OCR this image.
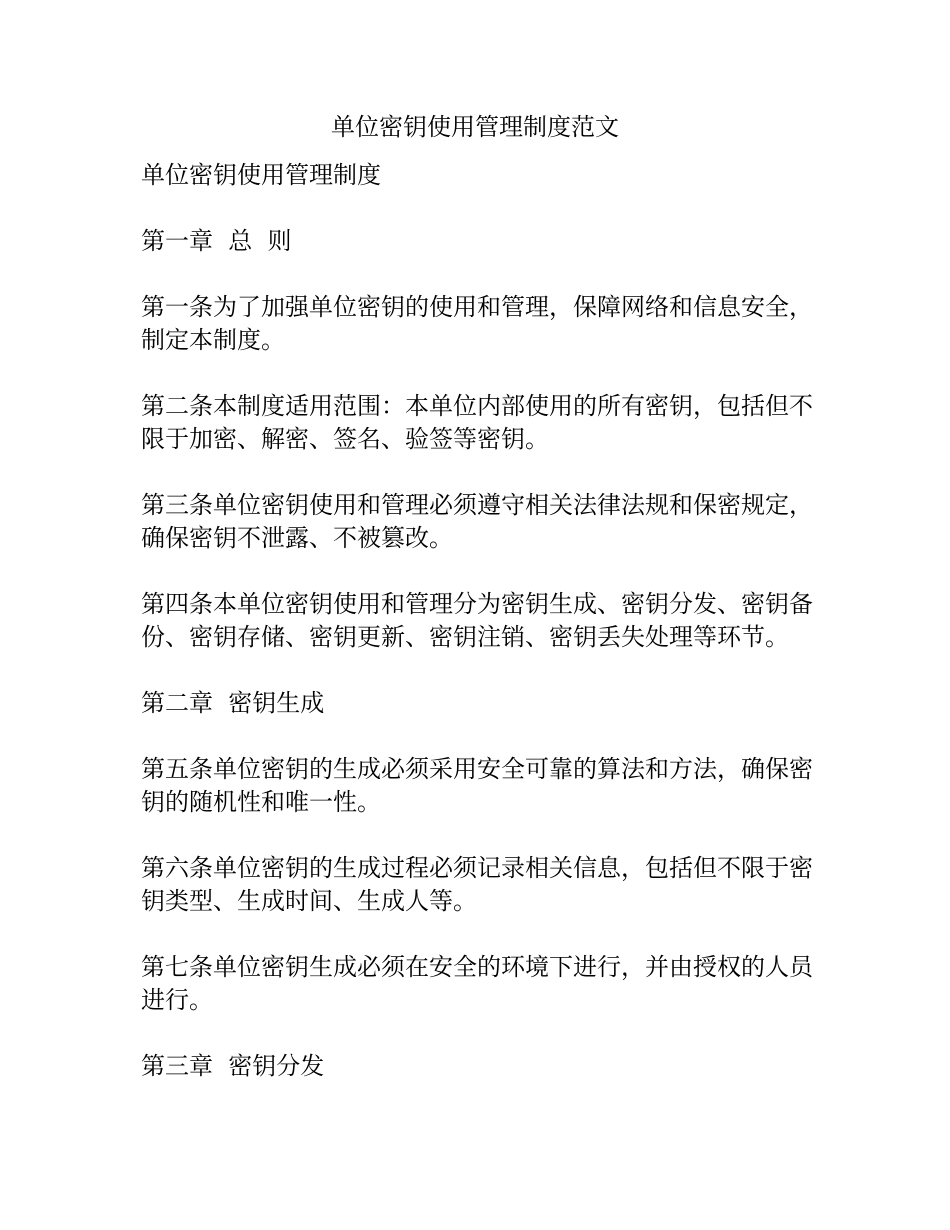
单位密钥使用管理制度范文

单位密钥使用管理制度

第一章  总  则

第一条为了加强单位密钥的使用和管理，保障网络和信息安全，制定本制度。

第二条本制度适用范围：本单位内部使用的所有密钥，包括但不限于加密、解密、签名、验签等密钥。

第三条单位密钥使用和管理必须遵守相关法律法规和保密规定，确保密钥不泄露、不被篡改。

第四条本单位密钥使用和管理分为密钥生成、密钥分发、密钥备份、密钥存储、密钥更新、密钥注销、密钥丢失处理等环节。

第二章  密钥生成

第五条单位密钥的生成必须采用安全可靠的算法和方法，确保密钥的随机性和唯一性。

第六条单位密钥的生成过程必须记录相关信息，包括但不限于密钥类型、生成时间、生成人等。

第七条单位密钥生成必须在安全的环境下进行，并由授权的人员进行。

第三章  密钥分发
